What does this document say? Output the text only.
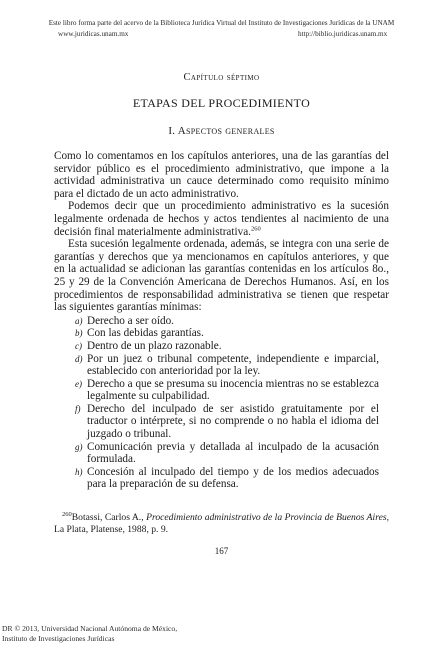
Este libro forma parte del acervo de la Biblioteca Jurídica Virtual del Instituto de Investigaciones Jurídicas de la UNAM
www.juridicas.unam.mx	http://biblio.juridicas.unam.mx
Capítulo séptimo
ETAPAS DEL PROCEDIMIENTO
I. Aspectos generales

Como lo comentamos en los capítulos anteriores, una de las garantías del servidor público es el procedimiento administrativo, que impone a la actividad administrativa un cauce determinado como requisito mínimo para el dictado de un acto administrativo.

Podemos decir que un procedimiento administrativo es la sucesión legalmente ordenada de hechos y actos tendientes al nacimiento de una decisión final materialmente administrativa.$^{260}$

Esta sucesión legalmente ordenada, además, se integra con una serie de garantías y derechos que ya mencionamos en capítulos anteriores, y que en la actualidad se adicionan las garantías contenidas en los artículos 8o., 25 y 29 de la Convención Americana de Derechos Humanos. Así, en los procedimientos de responsabilidad administrativa se tienen que respetar las siguientes garantías mínimas:

a) Derecho a ser oído.
b) Con las debidas garantías.
c) Dentro de un plazo razonable.
d) Por un juez o tribunal competente, independiente e imparcial, establecido con anterioridad por la ley.
e) Derecho a que se presuma su inocencia mientras no se establezca legalmente su culpabilidad.
f) Derecho del inculpado de ser asistido gratuitamente por el traductor o intérprete, si no comprende o no habla el idioma del juzgado o tribunal.
g) Comunicación previa y detallada al inculpado de la acusación formulada.
h) Concesión al inculpado del tiempo y de los medios adecuados para la preparación de su defensa.
$^{260}$Botassi, Carlos A., Procedimiento administrativo de la Provincia de Buenos Aires, La Plata, Platense, 1988, p. 9.
167
DR © 2013, Universidad Nacional Autónoma de México,
Instituto de Investigaciones Jurídicas
